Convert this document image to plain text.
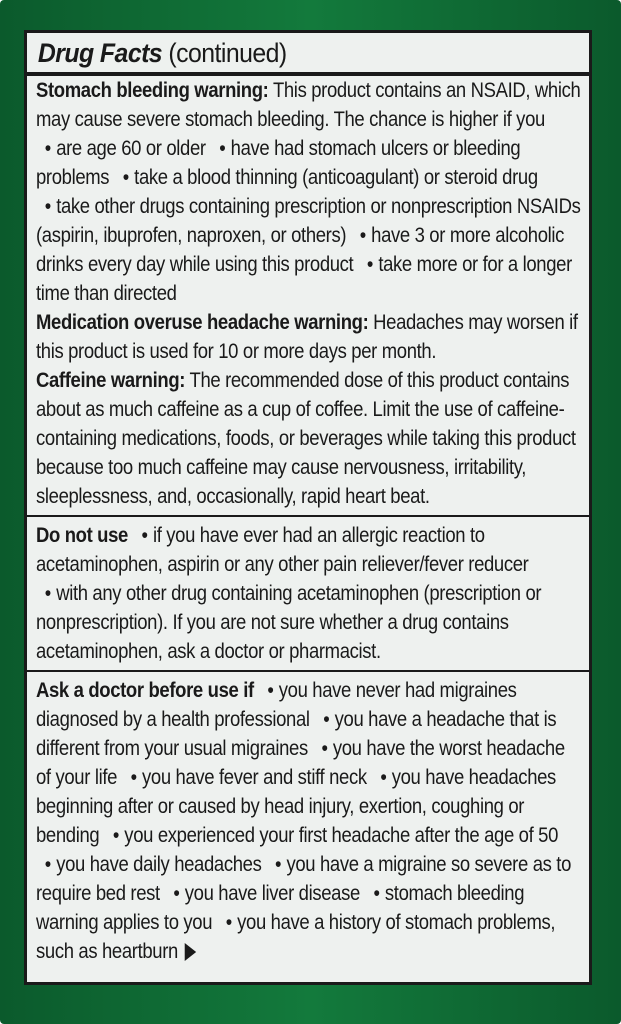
Drug Facts (continued)

Stomach bleeding warning: This product contains an NSAID, which may cause severe stomach bleeding. The chance is higher if you • are age 60 or older • have had stomach ulcers or bleeding problems • take a blood thinning (anticoagulant) or steroid drug • take other drugs containing prescription or nonprescription NSAIDs (aspirin, ibuprofen, naproxen, or others) • have 3 or more alcoholic drinks every day while using this product • take more or for a longer time than directed

Medication overuse headache warning: Headaches may worsen if this product is used for 10 or more days per month.

Caffeine warning: The recommended dose of this product contains about as much caffeine as a cup of coffee. Limit the use of caffeine-containing medications, foods, or beverages while taking this product because too much caffeine may cause nervousness, irritability, sleeplessness, and, occasionally, rapid heart beat.

Do not use • if you have ever had an allergic reaction to acetaminophen, aspirin or any other pain reliever/fever reducer • with any other drug containing acetaminophen (prescription or nonprescription). If you are not sure whether a drug contains acetaminophen, ask a doctor or pharmacist.

Ask a doctor before use if • you have never had migraines diagnosed by a health professional • you have a headache that is different from your usual migraines • you have the worst headache of your life • you have fever and stiff neck • you have headaches beginning after or caused by head injury, exertion, coughing or bending • you experienced your first headache after the age of 50 • you have daily headaches • you have a migraine so severe as to require bed rest • you have liver disease • stomach bleeding warning applies to you • you have a history of stomach problems, such as heartburn
